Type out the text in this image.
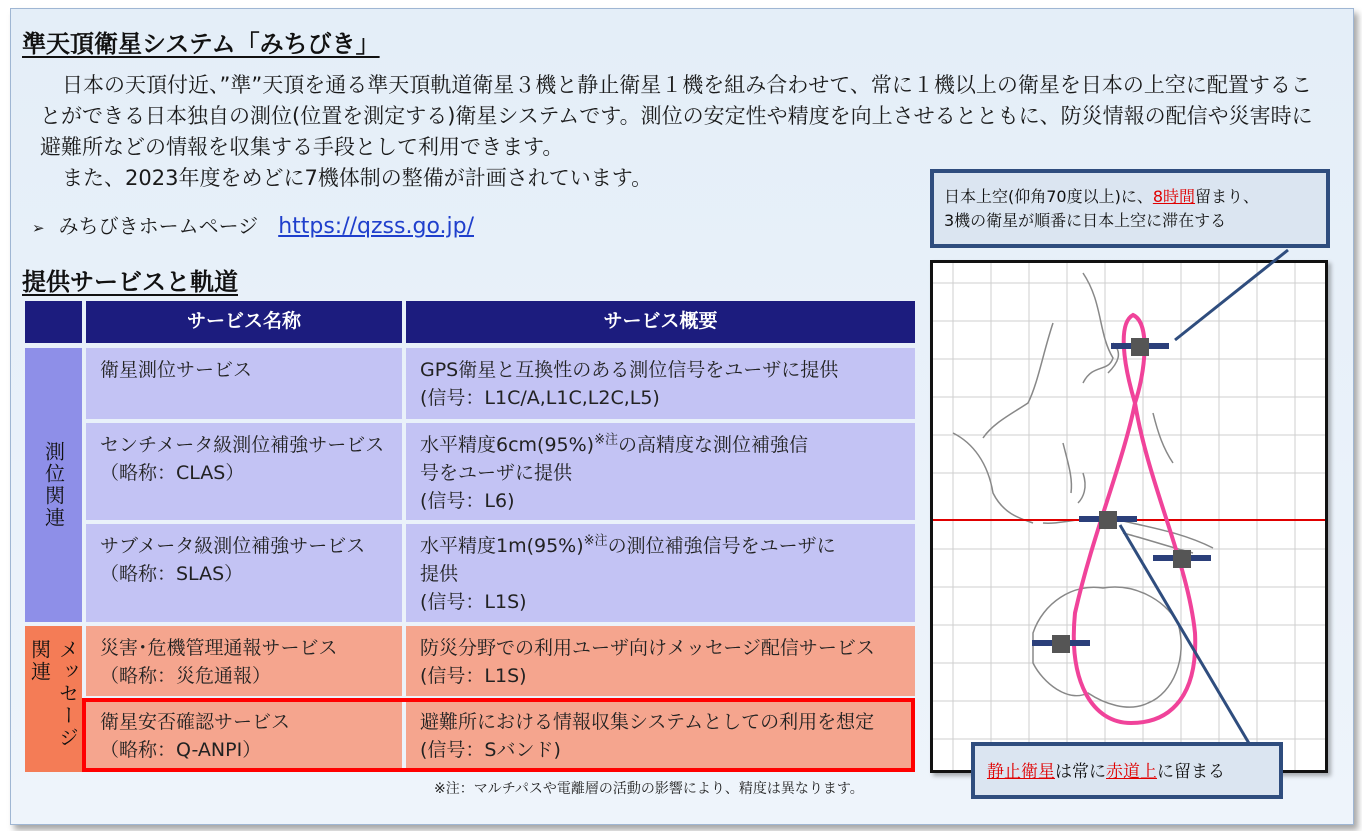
準天頂衛星システム「みちびき」

日本の天頂付近、”準”天頂を通る準天頂軌道衛星３機と静止衛星１機を組み合わせて、常に１機以上の衛星を日本の上空に配置することができる日本独自の測位(位置を測定する)衛星システムです。測位の安定性や精度を向上させるとともに、防災情報の配信や災害時に避難所などの情報を収集する手段として利用できます。

また、2023年度をめどに7機体制の整備が計画されています。

➢ みちびきホームページ https://qzss.go.jp/
提供サービスと軌道
サービス名称	サービス概要
測位関連
メッセージ関連
衛星測位サービス	GPS衛星と互換性のある測位信号をユーザに提供
(信号：L1C/A,L1C,L2C,L5)
センチメータ級測位補強サービス
（略称：CLAS）
水平精度6cm(95%)$^{※注}$の高精度な測位補強信
号をユーザに提供
(信号：L6)
サブメータ級測位補強サービス
（略称：SLAS）
水平精度1m(95%)$^{※注}$の測位補強信号をユーザに
提供
(信号：L1S)
災害･危機管理通報サービス
（略称：災危通報）
防災分野での利用ユーザ向けメッセージ配信サービス
(信号：L1S)
衛星安否確認サービス
（略称：Q-ANPI）
避難所における情報収集システムとしての利用を想定
(信号：Sバンド)
※注：マルチパスや電離層の活動の影響により、精度は異なります。
日本上空(仰角70度以上)に、8時間留まり、
3機の衛星が順番に日本上空に滞在する
静止衛星は常に赤道上に留まる
